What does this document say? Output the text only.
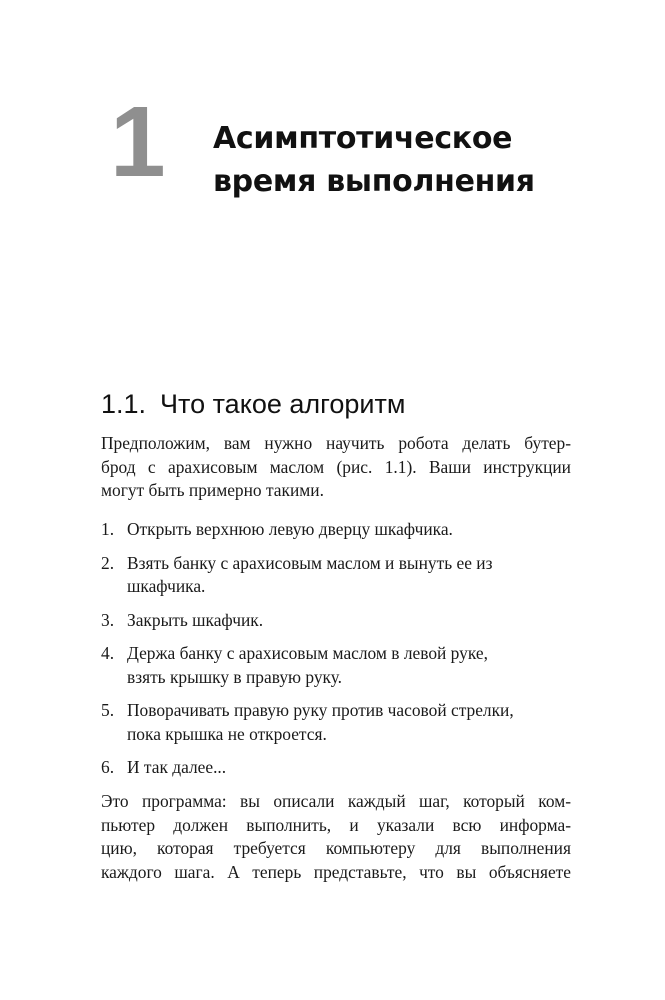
1 Асимптотическое
время выполнения
1.1. Что такое алгоритм
Предположим, вам нужно научить робота делать бутер-
брод с арахисовым маслом (рис. 1.1). Ваши инструкции
могут быть примерно такими.
1. Открыть верхнюю левую дверцу шкафчика.
2. Взять банку с арахисовым маслом и вынуть ее из
шкафчика.
3. Закрыть шкафчик.
4. Держа банку с арахисовым маслом в левой руке,
взять крышку в правую руку.
5. Поворачивать правую руку против часовой стрелки,
пока крышка не откроется.
6. И так далее...
Это программа: вы описали каждый шаг, который ком-
пьютер должен выполнить, и указали всю информа-
цию, которая требуется компьютеру для выполнения
каждого шага. А теперь представьте, что вы объясняете
